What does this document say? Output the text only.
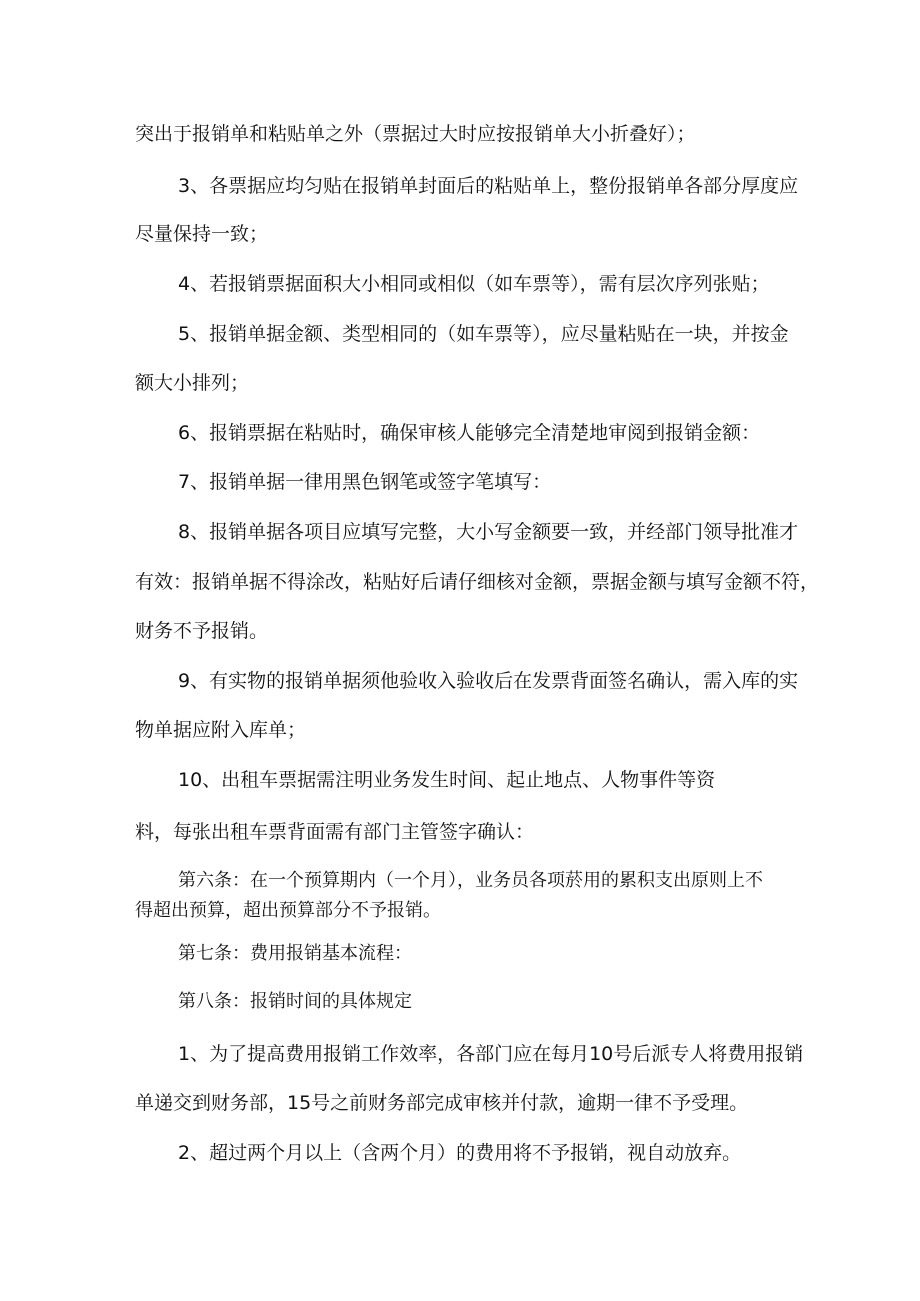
突出于报销单和粘贴单之外（票据过大时应按报销单大小折叠好）；
3、各票据应均匀贴在报销单封面后的粘贴单上，整份报销单各部分厚度应
尽量保持一致；
4、若报销票据面积大小相同或相似（如车票等），需有层次序列张贴；
5、报销单据金额、类型相同的（如车票等），应尽量粘贴在一块，并按金
额大小排列；
6、报销票据在粘贴时，确保审核人能够完全清楚地审阅到报销金额：
7、报销单据一律用黑色钢笔或签字笔填写：
8、报销单据各项目应填写完整，大小写金额要一致，并经部门领导批准才
有效：报销单据不得涂改，粘贴好后请仔细核对金额，票据金额与填写金额不符，
财务不予报销。
9、有实物的报销单据须他验收入验收后在发票背面签名确认，需入库的实
物单据应附入库单；
10、出租车票据需注明业务发生时间、起止地点、人物事件等资
料，每张出租车票背面需有部门主管签字确认：
第六条：在一个预算期内（一个月），业务员各项菸用的累积支出原则上不
得超出预算，超出预算部分不予报销。
第七条：费用报销基本流程：
第八条：报销时间的具体规定
1、为了提高费用报销工作效率，各部门应在每月10号后派专人将费用报销
单递交到财务部，15号之前财务部完成审核并付款，逾期一律不予受理。
2、超过两个月以上（含两个月）的费用将不予报销，视自动放弃。
